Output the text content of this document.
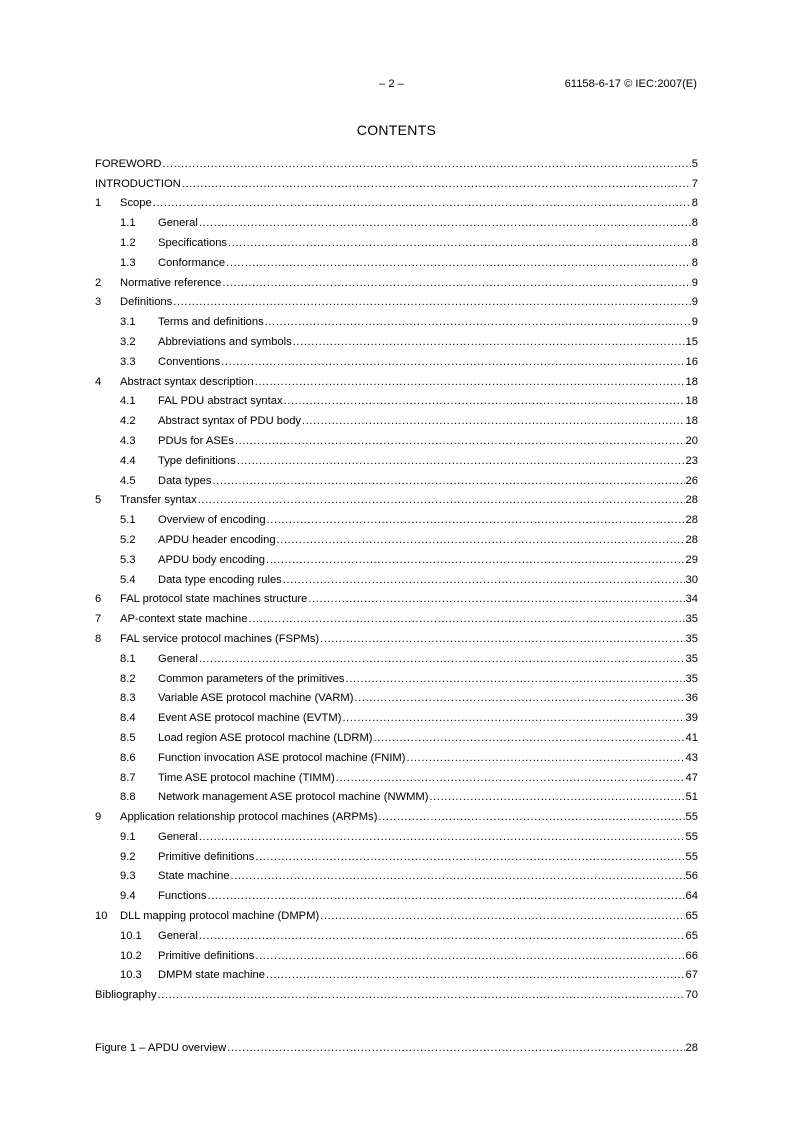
– 2 –	61158-6-17 © IEC:2007(E)
CONTENTS
FOREWORD .....	5
INTRODUCTION .....	7
1	Scope .....	8
1.1	General .....	8
1.2	Specifications .....	8
1.3	Conformance .....	8
2	Normative reference .....	9
3	Definitions .....	9
3.1	Terms and definitions .....	9
3.2	Abbreviations and symbols .....	15
3.3	Conventions .....	16
4	Abstract syntax description .....	18
4.1	FAL PDU abstract syntax .....	18
4.2	Abstract syntax of PDU body .....	18
4.3	PDUs for ASEs .....	20
4.4	Type definitions .....	23
4.5	Data types .....	26
5	Transfer syntax .....	28
5.1	Overview of encoding .....	28
5.2	APDU header encoding .....	28
5.3	APDU body encoding .....	29
5.4	Data type encoding rules .....	30
6	FAL protocol state machines structure .....	34
7	AP-context state machine .....	35
8	FAL service protocol machines (FSPMs) .....	35
8.1	General .....	35
8.2	Common parameters of the primitives .....	35
8.3	Variable ASE protocol machine (VARM) .....	36
8.4	Event ASE protocol machine (EVTM) .....	39
8.5	Load region ASE protocol machine (LDRM) .....	41
8.6	Function invocation ASE protocol machine (FNIM) .....	43
8.7	Time ASE protocol machine (TIMM) .....	47
8.8	Network management ASE protocol machine (NWMM) .....	51
9	Application relationship protocol machines (ARPMs) .....	55
9.1	General .....	55
9.2	Primitive definitions .....	55
9.3	State machine .....	56
9.4	Functions .....	64
10	DLL mapping protocol machine (DMPM) .....	65
10.1	General .....	65
10.2	Primitive definitions .....	66
10.3	DMPM state machine .....	67
Bibliography .....	70
Figure 1 – APDU overview .....	28
